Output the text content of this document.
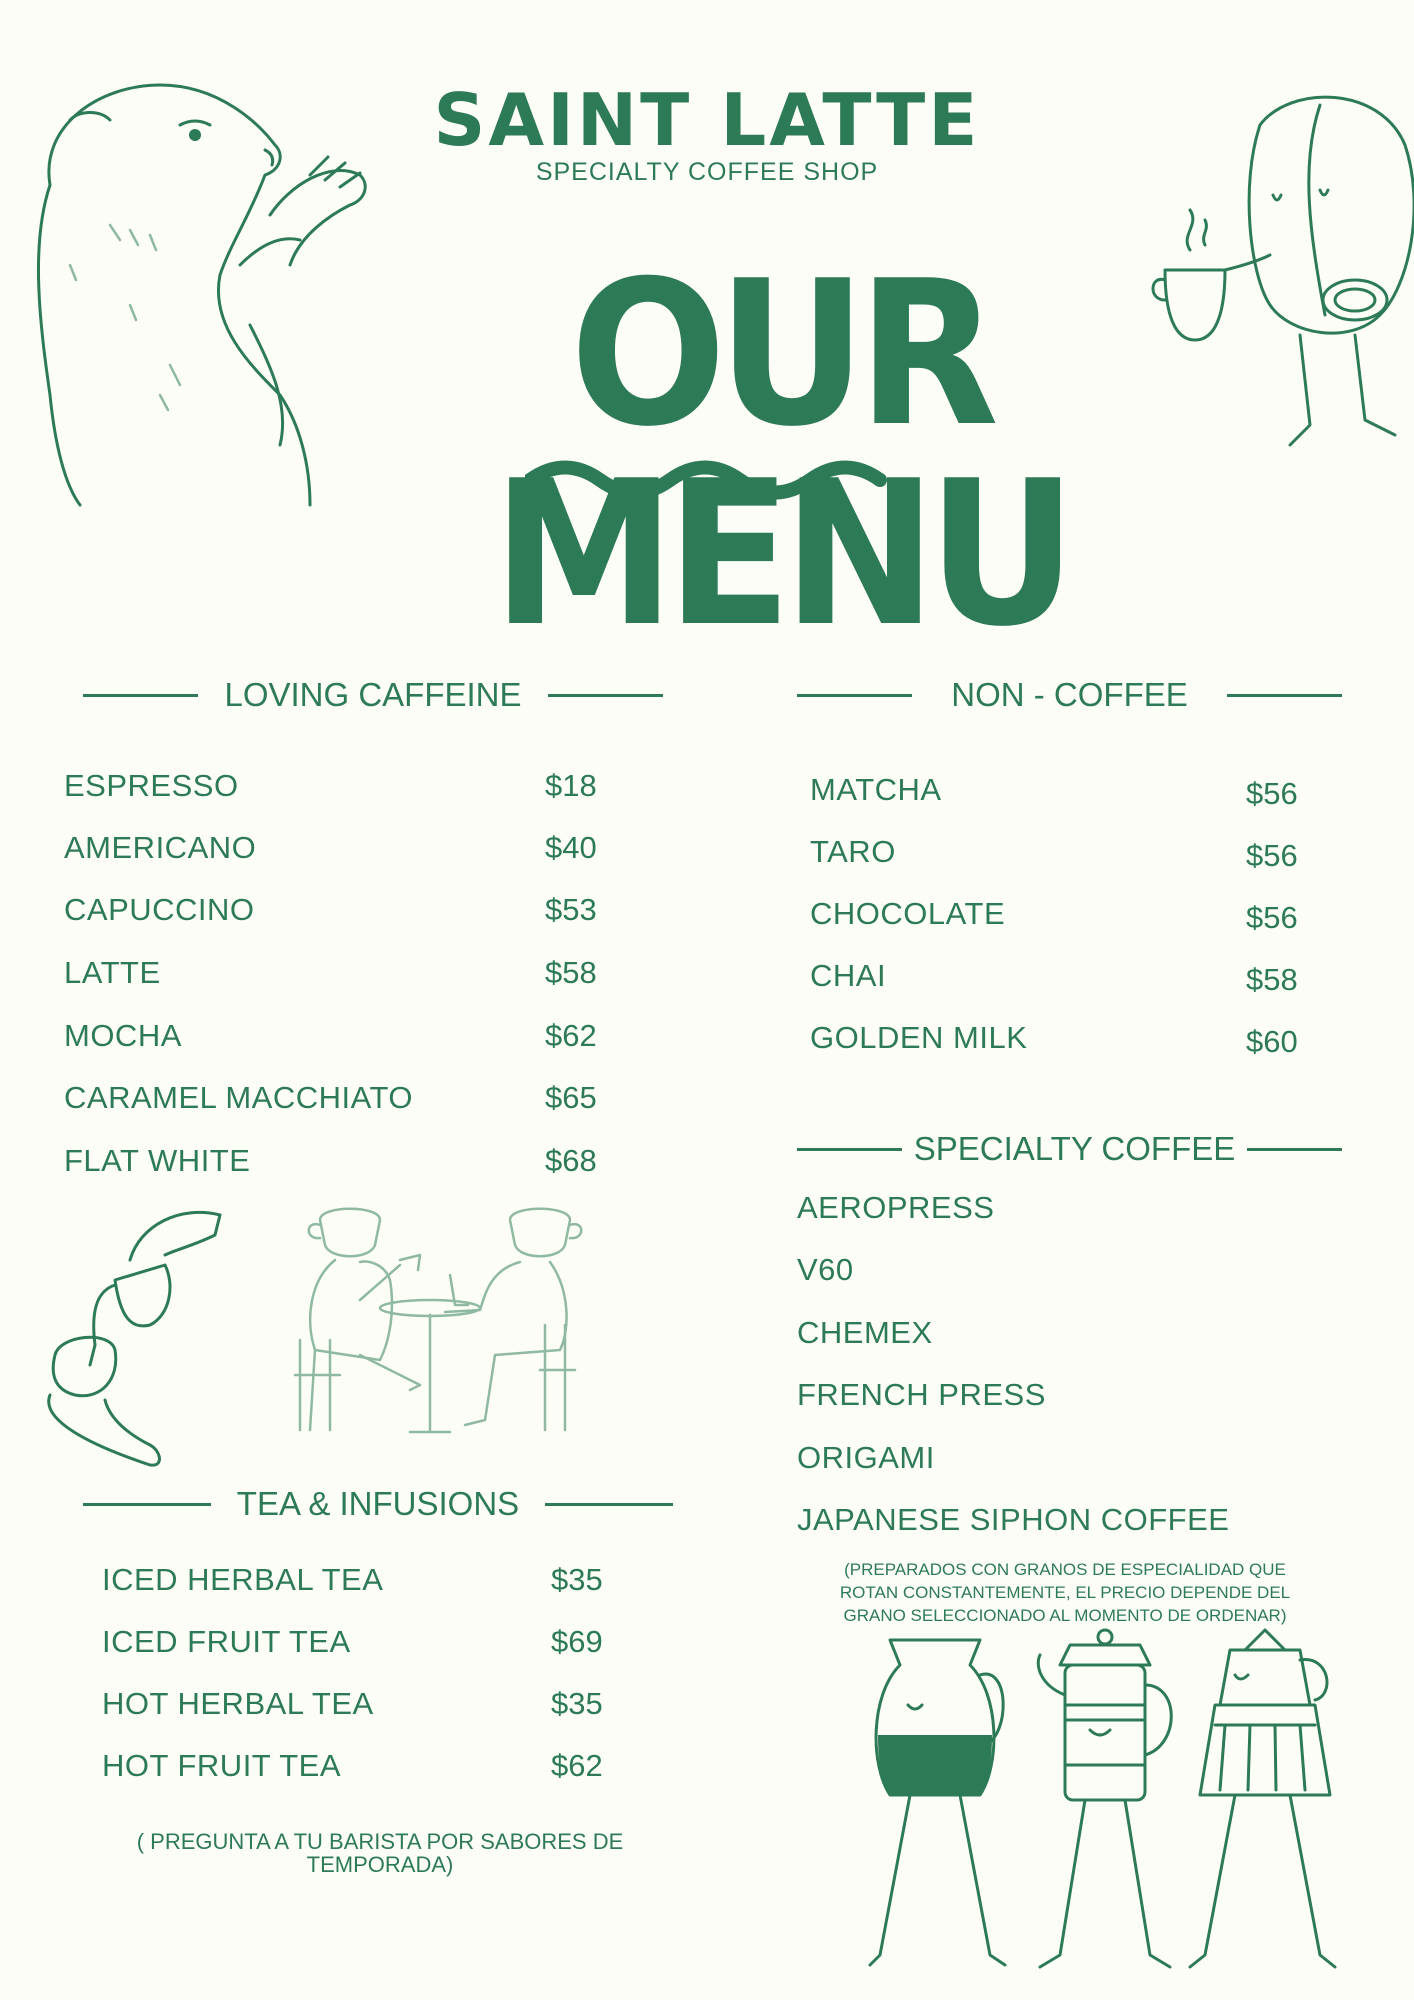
SAINT LATTE
SPECIALTY COFFEE SHOP
OUR MENU
LOVING CAFFEINE
ESPRESSO	$18
AMERICANO	$40
CAPUCCINO	$53
LATTE	$58
MOCHA	$62
CARAMEL MACCHIATO	$65
FLAT WHITE	$68
TEA & INFUSIONS
ICED HERBAL TEA	$35
ICED FRUIT TEA	$69
HOT HERBAL TEA	$35
HOT FRUIT TEA	$62
( PREGUNTA A TU BARISTA POR SABORES DE TEMPORADA)
NON - COFFEE
MATCHA	$56
TARO	$56
CHOCOLATE	$56
CHAI	$58
GOLDEN MILK	$60
SPECIALTY COFFEE
AEROPRESS
V60
CHEMEX
FRENCH PRESS
ORIGAMI
JAPANESE SIPHON COFFEE
(PREPARADOS CON GRANOS DE ESPECIALIDAD QUE ROTAN CONSTANTEMENTE, EL PRECIO DEPENDE DEL GRANO SELECCIONADO AL MOMENTO DE ORDENAR)
